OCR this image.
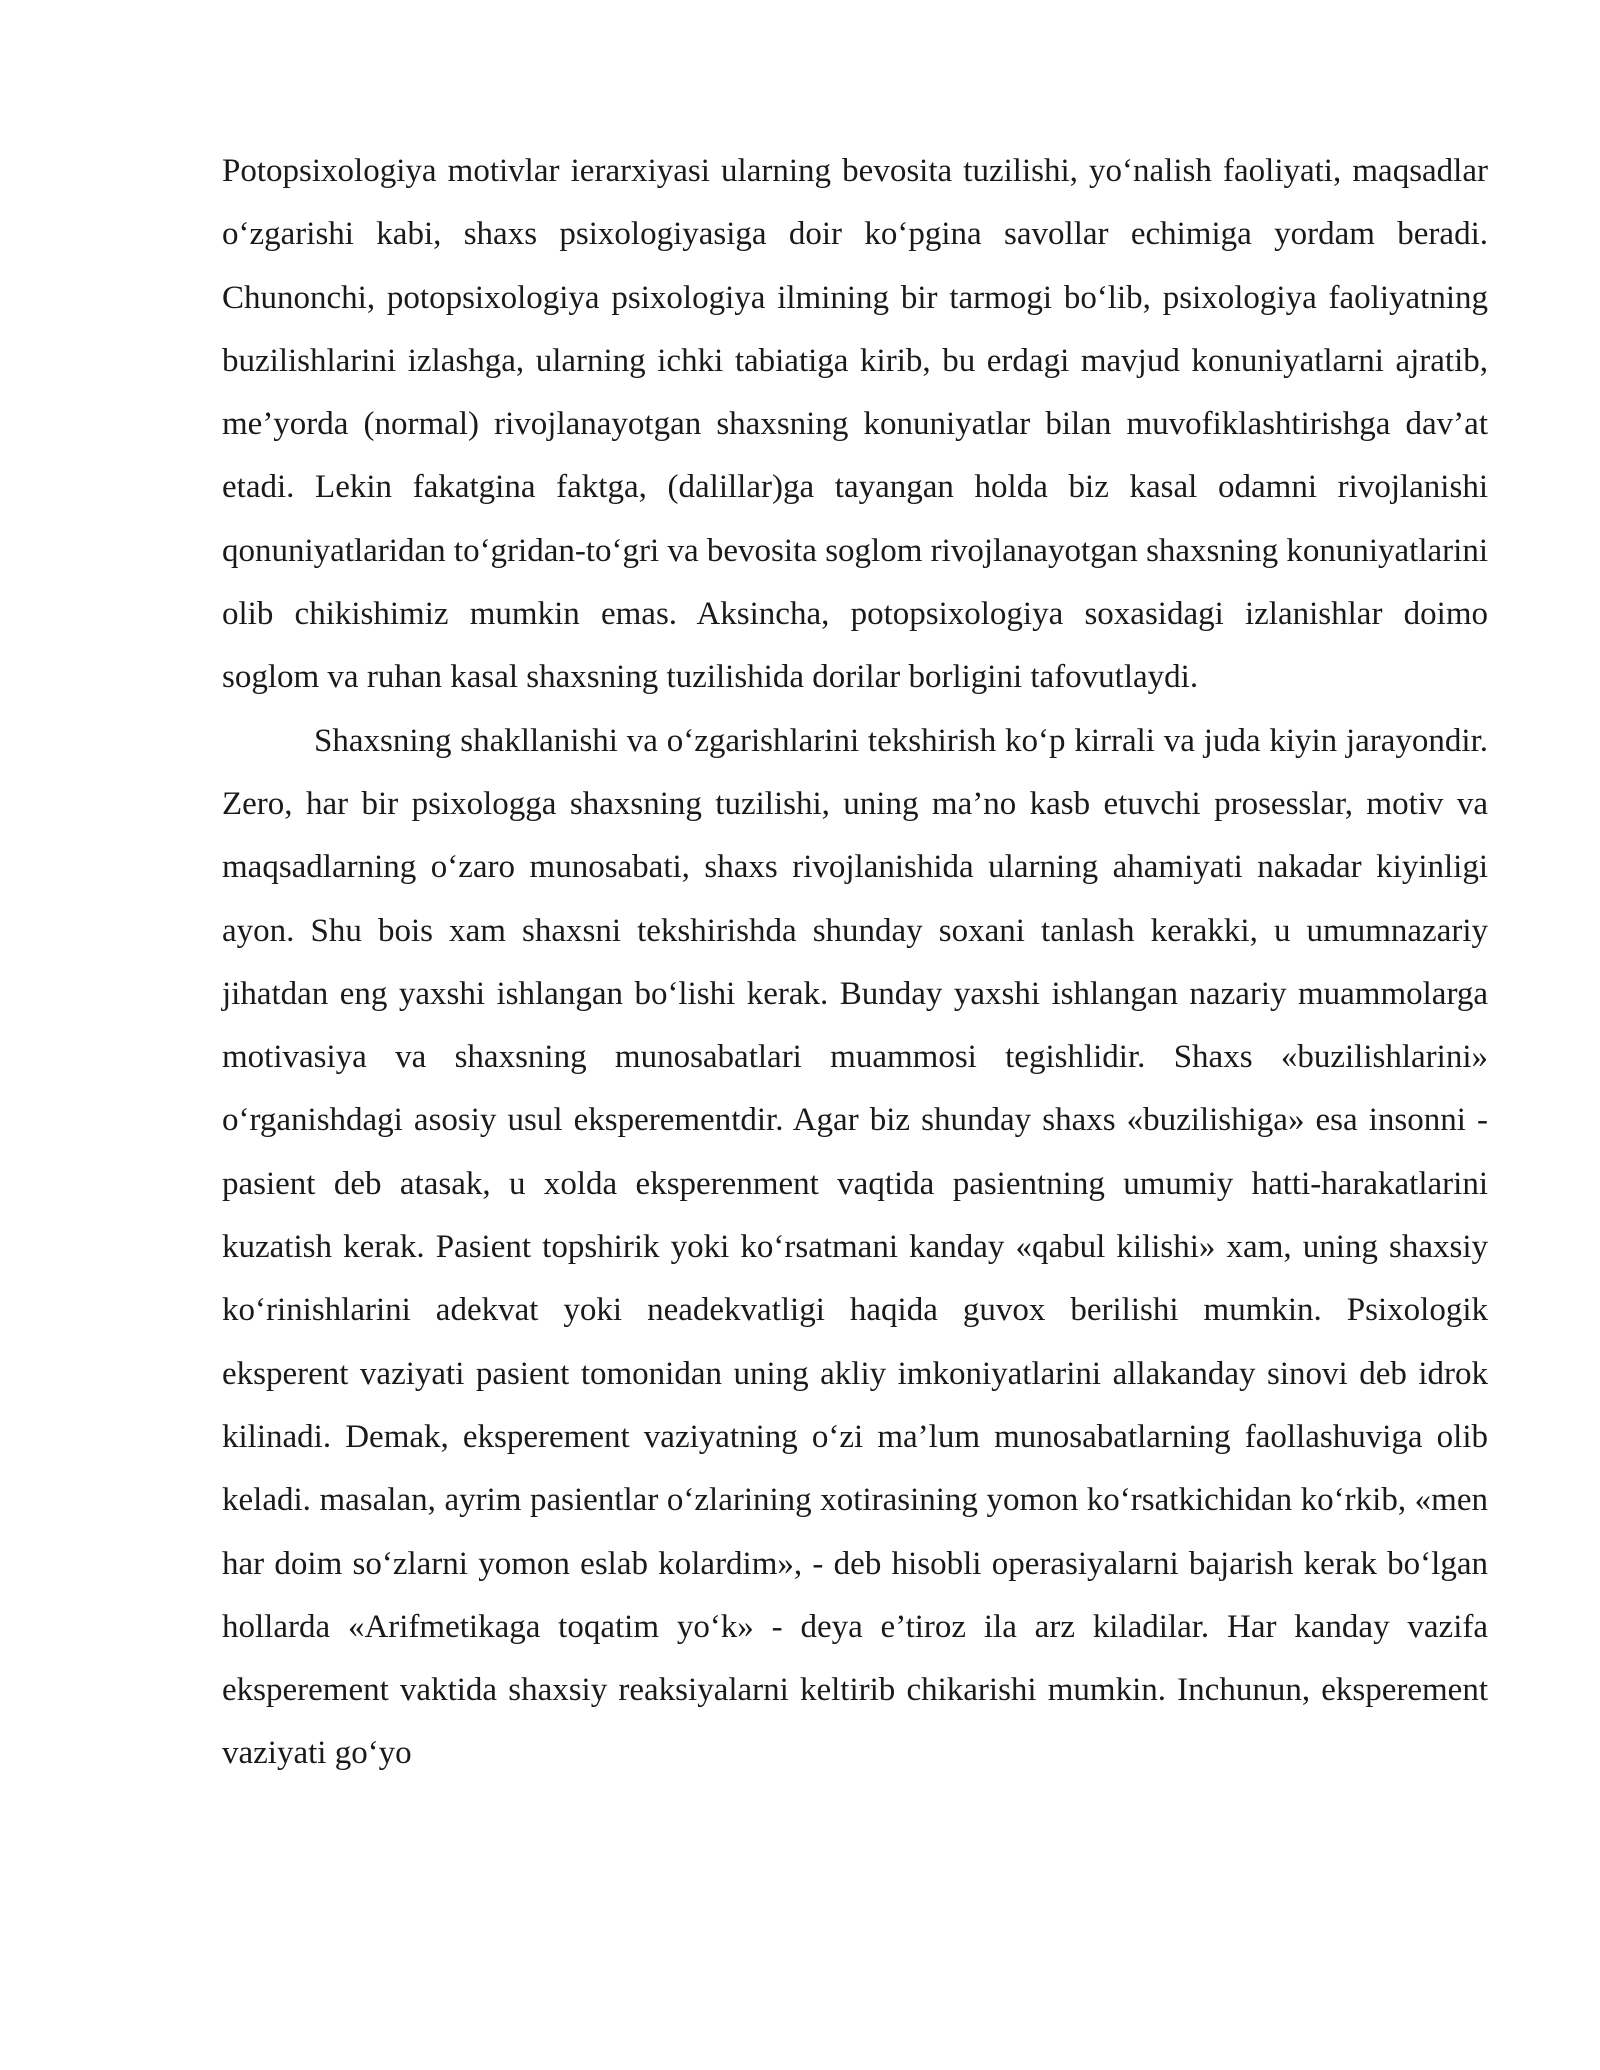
Potopsixologiya motivlar ierarxiyasi ularning bevosita tuzilishi, yo‘nalish faoliyati, maqsadlar o‘zgarishi kabi, shaxs psixologiyasiga doir ko‘pgina savollar echimiga yordam beradi. Chunonchi, potopsixologiya psixologiya ilmining bir tarmogi bo‘lib, psixologiya faoliyatning buzilishlarini izlashga, ularning ichki tabiatiga kirib, bu erdagi mavjud konuniyatlarni ajratib, me’yorda (normal) rivojlanayotgan shaxsning konuniyatlar bilan muvofiklashtirishga dav’at etadi. Lekin fakatgina faktga, (dalillar)ga tayangan holda biz kasal odamni rivojlanishi qonuniyatlaridan to‘gridan-to‘gri va bevosita soglom rivojlanayotgan shaxsning konuniyatlarini olib chikishimiz mumkin emas. Aksincha, potopsixologiya soxasidagi izlanishlar doimo soglom va ruhan kasal shaxsning tuzilishida dorilar borligini tafovutlaydi.

Shaxsning shakllanishi va o‘zgarishlarini tekshirish ko‘p kirrali va juda kiyin jarayondir. Zero, har bir psixologga shaxsning tuzilishi, uning ma’no kasb etuvchi prosesslar, motiv va maqsadlarning o‘zaro munosabati, shaxs rivojlanishida ularning ahamiyati nakadar kiyinligi ayon. Shu bois xam shaxsni tekshirishda shunday soxani tanlash kerakki, u umumnazariy jihatdan eng yaxshi ishlangan bo‘lishi kerak. Bunday yaxshi ishlangan nazariy muammolarga motivasiya va shaxsning munosabatlari muammosi tegishlidir. Shaxs «buzilishlarini» o‘rganishdagi asosiy usul eksperementdir. Agar biz shunday shaxs «buzilishiga» esa insonni - pasient deb atasak, u xolda eksperenment vaqtida pasientning umumiy hatti-harakatlarini kuzatish kerak. Pasient topshirik yoki ko‘rsatmani kanday «qabul kilishi» xam, uning shaxsiy ko‘rinishlarini adekvat yoki neadekvatligi haqida guvox berilishi mumkin. Psixologik eksperent vaziyati pasient tomonidan uning akliy imkoniyatlarini allakanday sinovi deb idrok kilinadi. Demak, eksperement vaziyatning o‘zi ma’lum munosabatlarning faollashuviga olib keladi. masalan, ayrim pasientlar o‘zlarining xotirasining yomon ko‘rsatkichidan ko‘rkib, «men har doim so‘zlarni yomon eslab kolardim», - deb hisobli operasiyalarni bajarish kerak bo‘lgan hollarda «Arifmetikaga toqatim yo‘k» - deya e’tiroz ila arz kiladilar. Har kanday vazifa eksperement vaktida shaxsiy reaksiyalarni keltirib chikarishi mumkin. Inchunun, eksperement vaziyati go‘yo
